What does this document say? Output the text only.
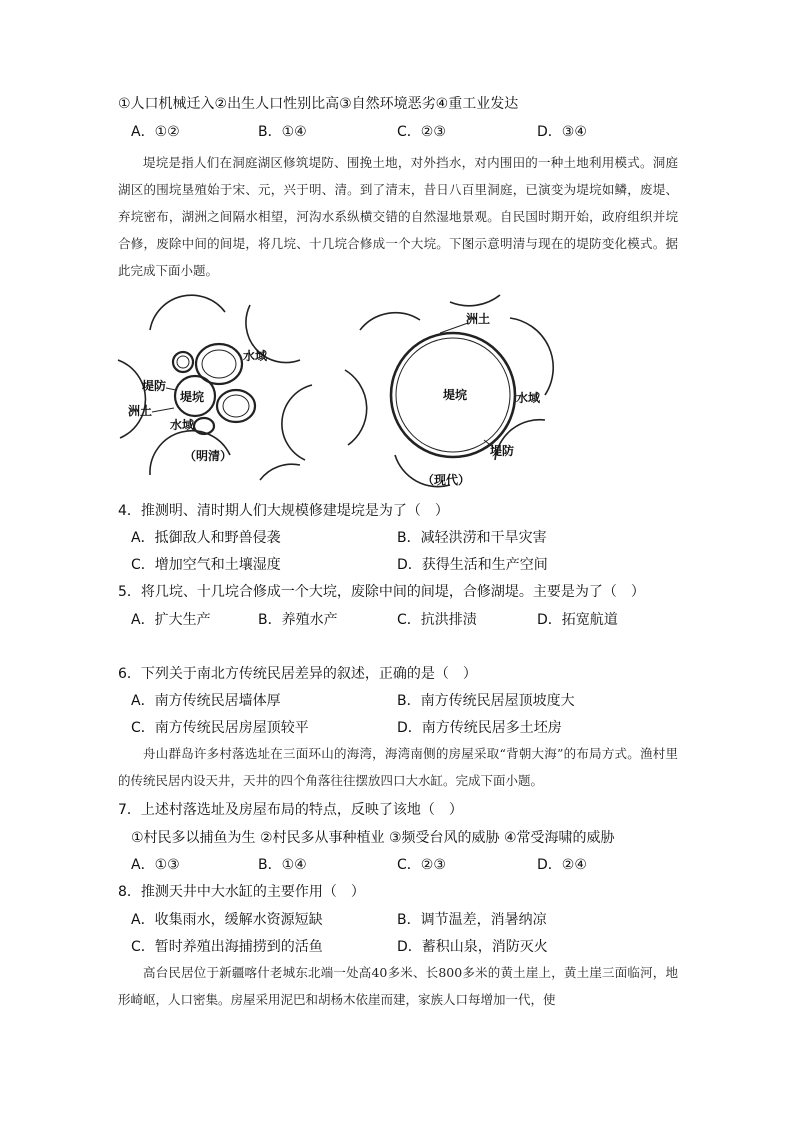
①人口机械迁入②出生人口性别比高③自然环境恶劣④重工业发达
A．①②	B．①④	C．②③	D．③④
堤垸是指人们在洞庭湖区修筑堤防、围挽土地，对外挡水，对内围田的一种土地利用模式。洞庭湖区的围垸垦殖始于宋、元，兴于明、清。到了清末，昔日八百里洞庭，已演变为堤垸如鳞，废堤、弃垸密布，湖洲之间隔水相望，河沟水系纵横交错的自然湿地景观。自民国时期开始，政府组织并垸合修，废除中间的间堤，将几垸、十几垸合修成一个大垸。下图示意明清与现在的堤防变化模式。据此完成下面小题。
水域
堤防
堤垸
洲土
水域
（明清）
洲土
堤垸	水域
堤防
（现代）
4．推测明、清时期人们大规模修建堤垸是为了（　）
A．抵御敌人和野兽侵袭	B．减轻洪涝和干旱灾害
C．增加空气和土壤湿度	D．获得生活和生产空间
5．将几垸、十几垸合修成一个大垸，废除中间的间堤，合修湖堤。主要是为了（　）
A．扩大生产	B．养殖水产	C．抗洪排渍	D．拓宽航道
6．下列关于南北方传统民居差异的叙述，正确的是（　）
A．南方传统民居墙体厚	B．南方传统民居屋顶坡度大
C．南方传统民居房屋顶较平	D．南方传统民居多土坯房
舟山群岛许多村落选址在三面环山的海湾，海湾南侧的房屋采取“背朝大海”的布局方式。渔村里的传统民居内设天井，天井的四个角落往往摆放四口大水缸。完成下面小题。
7．上述村落选址及房屋布局的特点，反映了该地（　）
①村民多以捕鱼为生 ②村民多从事种植业 ③频受台风的威胁 ④常受海啸的威胁
A．①③	B．①④	C．②③	D．②④
8．推测天井中大水缸的主要作用（　）
A．收集雨水，缓解水资源短缺	B．调节温差，消暑纳凉
C．暂时养殖出海捕捞到的活鱼	D．蓄积山泉，消防灭火
高台民居位于新疆喀什老城东北端一处高40多米、长800多米的黄土崖上，黄土崖三面临河，地形崎岖，人口密集。房屋采用泥巴和胡杨木依崖而建，家族人口每增加一代，使
